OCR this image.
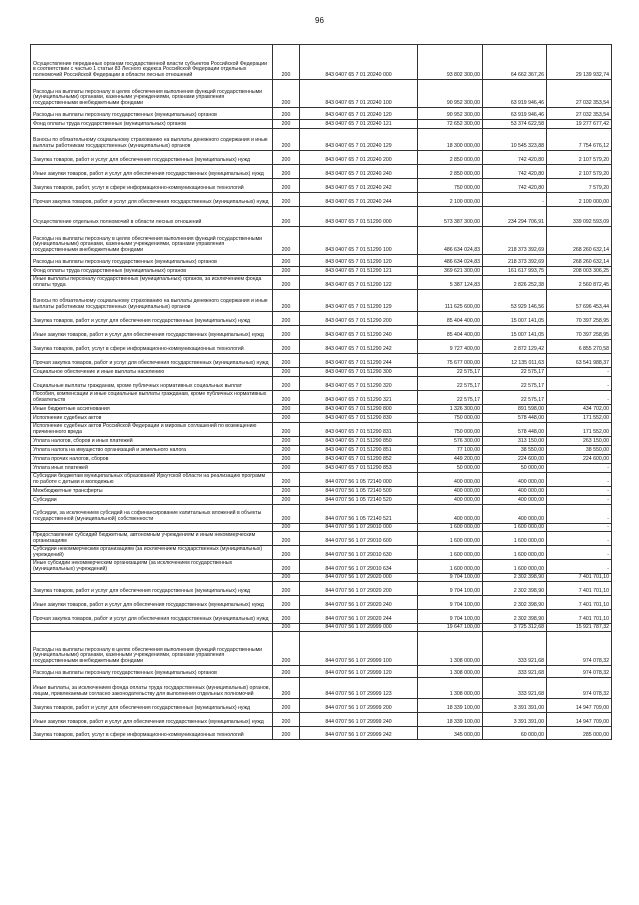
96
Осуществление переданных органам государственной власти субъектов Российской Федерации в соответствии с частью 1 статьи 83 Лесного кодекса Российской Федерации отдельных полномочий Российской Федерации в области лесных отношений	200	843 0407 65 7 01 20240 000	93 802 300,00	64 662 367,26	29 139 932,74
Расходы на выплаты персоналу в целях обеспечения выполнения функций государственными (муниципальными) органами, казенными учреждениями, органами управления государственными внебюджетными фондами	200	843 0407 65 7 01 20240 100	90 952 300,00	63 919 946,46	27 032 353,54
Расходы на выплаты персоналу государственных (муниципальных) органов	200	843 0407 65 7 01 20240 120	90 952 300,00	63 919 946,46	27 032 353,54
Фонд оплаты труда государственных (муниципальных) органов	200	843 0407 65 7 01 20240 121	72 652 300,00	53 374 622,58	19 277 677,42
Взносы по обязательному социальному страхованию на выплаты денежного содержания и иные выплаты работникам государственных (муниципальных) органов	200	843 0407 65 7 01 20240 129	18 300 000,00	10 545 323,88	7 754 676,12
Закупка товаров, работ и услуг для обеспечения государственных (муниципальных) нужд	200	843 0407 65 7 01 20240 200	2 850 000,00	742 420,80	2 107 579,20
Иные закупки товаров, работ и услуг для обеспечения государственных (муниципальных) нужд	200	843 0407 65 7 01 20240 240	2 850 000,00	742 420,80	2 107 579,20
Закупка товаров, работ, услуг в сфере информационно-коммуникационных технологий	200	843 0407 65 7 01 20240 242	750 000,00	742 420,80	7 579,20
Прочая закупка товаров, работ и услуг для обеспечения государственных (муниципальных) нужд	200	843 0407 65 7 01 20240 244	2 100 000,00	-	2 100 000,00
Осуществление отдельных полномочий в области лесных отношений	200	843 0407 65 7 01 51290 000	573 387 300,00	234 294 706,91	339 092 593,09
Расходы на выплаты персоналу в целях обеспечения выполнения функций государственными (муниципальными) органами, казенными учреждениями, органами управления государственными внебюджетными фондами	200	843 0407 65 7 01 51290 100	486 634 024,83	218 373 392,69	268 260 632,14
Расходы на выплаты персоналу государственных (муниципальных) органов	200	843 0407 65 7 01 51290 120	486 634 024,83	218 373 392,69	268 260 632,14
Фонд оплаты труда государственных (муниципальных) органов	200	843 0407 65 7 01 51290 121	369 621 300,00	161 617 993,75	208 003 306,25
Иные выплаты персоналу государственных (муниципальных) органов, за исключением фонда оплаты труда	200	843 0407 65 7 01 51290 122	5 387 124,83	2 826 252,38	2 560 872,45
Взносы по обязательному социальному страхованию на выплаты денежного содержания и иные выплаты работникам государственных (муниципальных) органов	200	843 0407 65 7 01 51290 129	111 625 600,00	53 929 146,56	57 696 453,44
Закупка товаров, работ и услуг для обеспечения государственных (муниципальных) нужд	200	843 0407 65 7 01 51290 200	85 404 400,00	15 007 141,05	70 397 258,95
Иные закупки товаров, работ и услуг для обеспечения государственных (муниципальных) нужд	200	843 0407 65 7 01 51290 240	85 404 400,00	15 007 141,05	70 397 258,95
Закупка товаров, работ, услуг в сфере информационно-коммуникационных технологий	200	843 0407 65 7 01 51290 242	9 727 400,00	2 872 129,42	6 855 270,58
Прочая закупка товаров, работ и услуг для обеспечения государственных (муниципальных) нужд	200	843 0407 65 7 01 51290 244	75 677 000,00	12 135 011,63	63 541 988,37
Социальное обеспечение и иные выплаты населению	200	843 0407 65 7 01 51290 300	22 575,17	22 575,17	-
Социальные выплаты гражданам, кроме публичных нормативных социальных выплат	200	843 0407 65 7 01 51290 320	22 575,17	22 575,17	-
Пособия, компенсации и иные социальные выплаты гражданам, кроме публичных нормативных обязательств	200	843 0407 65 7 01 51290 321	22 575,17	22 575,17	-
Иные бюджетные ассигнования	200	843 0407 65 7 01 51290 800	1 326 300,00	891 598,00	434 702,00
Исполнение судебных актов	200	843 0407 65 7 01 51290 830	750 000,00	578 448,00	171 552,00
Исполнение судебных актов Российской Федерации и мировых соглашений по возмещению причиненного вреда	200	843 0407 65 7 01 51290 831	750 000,00	578 448,00	171 552,00
Уплата налогов, сборов и иных платежей	200	843 0407 65 7 01 51290 850	576 300,00	313 150,00	263 150,00
Уплата налога на имущество организаций и земельного налога	200	843 0407 65 7 01 51290 851	77 100,00	38 550,00	38 550,00
Уплата прочих налогов, сборов	200	843 0407 65 7 01 51290 852	449 200,00	224 600,00	224 600,00
Уплата иных платежей	200	843 0407 65 7 01 51290 853	50 000,00	50 000,00	-
Субсидии бюджетам муниципальных образований Иркутской области на реализацию программ по работе с детьми и молодежью	200	844 0707 56 1 05 72140 000	400 000,00	400 000,00	-
Межбюджетные трансферты	200	844 0707 56 1 05 72140 500	400 000,00	400 000,00	-
Субсидии	200	844 0707 56 1 05 72140 520	400 000,00	400 000,00	-
Субсидии, за исключением субсидий на софинансирование капитальных вложений в объекты государственной (муниципальной) собственности	200	844 0707 56 1 05 72140 521	400 000,00	400 000,00	-
	200	844 0707 56 1 07 29010 000	1 600 000,00	1 600 000,00	-
Предоставление субсидий бюджетным, автономным учреждениям и иным некоммерческим организациям	200	844 0707 56 1 07 29010 600	1 600 000,00	1 600 000,00	-
Субсидии некоммерческим организациям (за исключением государственных (муниципальных) учреждений)	200	844 0707 56 1 07 29010 630	1 600 000,00	1 600 000,00	-
Иные субсидии некоммерческим организациям (за исключением государственных (муниципальных) учреждений)	200	844 0707 56 1 07 29010 634	1 600 000,00	1 600 000,00	-
	200	844 0707 56 1 07 29020 000	9 704 100,00	2 302 398,90	7 401 701,10
Закупка товаров, работ и услуг для обеспечения государственных (муниципальных) нужд	200	844 0707 56 1 07 29020 200	9 704 100,00	2 302 398,90	7 401 701,10
Иные закупки товаров, работ и услуг для обеспечения государственных (муниципальных) нужд	200	844 0707 56 1 07 29020 240	9 704 100,00	2 302 398,90	7 401 701,10
Прочая закупка товаров, работ и услуг для обеспечения государственных (муниципальных) нужд	200	844 0707 56 1 07 29020 244	9 704 100,00	2 302 398,90	7 401 701,10
	200	844 0707 56 1 07 29999 000	19 647 100,00	3 725 312,68	15 921 787,32
Расходы на выплаты персоналу в целях обеспечения выполнения функций государственными (муниципальными) органами, казенными учреждениями, органами управления государственными внебюджетными фондами	200	844 0707 56 1 07 29999 100	1 308 000,00	333 921,68	974 078,32
Расходы на выплаты персоналу государственных (муниципальных) органов	200	844 0707 56 1 07 29999 120	1 308 000,00	333 921,68	974 078,32
Иные выплаты, за исключением фонда оплаты труда государственных (муниципальных) органов, лицам, привлекаемым согласно законодательству для выполнения отдельных полномочий	200	844 0707 56 1 07 29999 123	1 308 000,00	333 921,68	974 078,32
Закупка товаров, работ и услуг для обеспечения государственных (муниципальных) нужд	200	844 0707 56 1 07 29999 200	18 339 100,00	3 391 391,00	14 947 709,00
Иные закупки товаров, работ и услуг для обеспечения государственных (муниципальных) нужд	200	844 0707 56 1 07 29999 240	18 339 100,00	3 391 391,00	14 947 709,00
Закупка товаров, работ, услуг в сфере информационно-коммуникационных технологий	200	844 0707 56 1 07 29999 242	345 000,00	60 000,00	285 000,00
